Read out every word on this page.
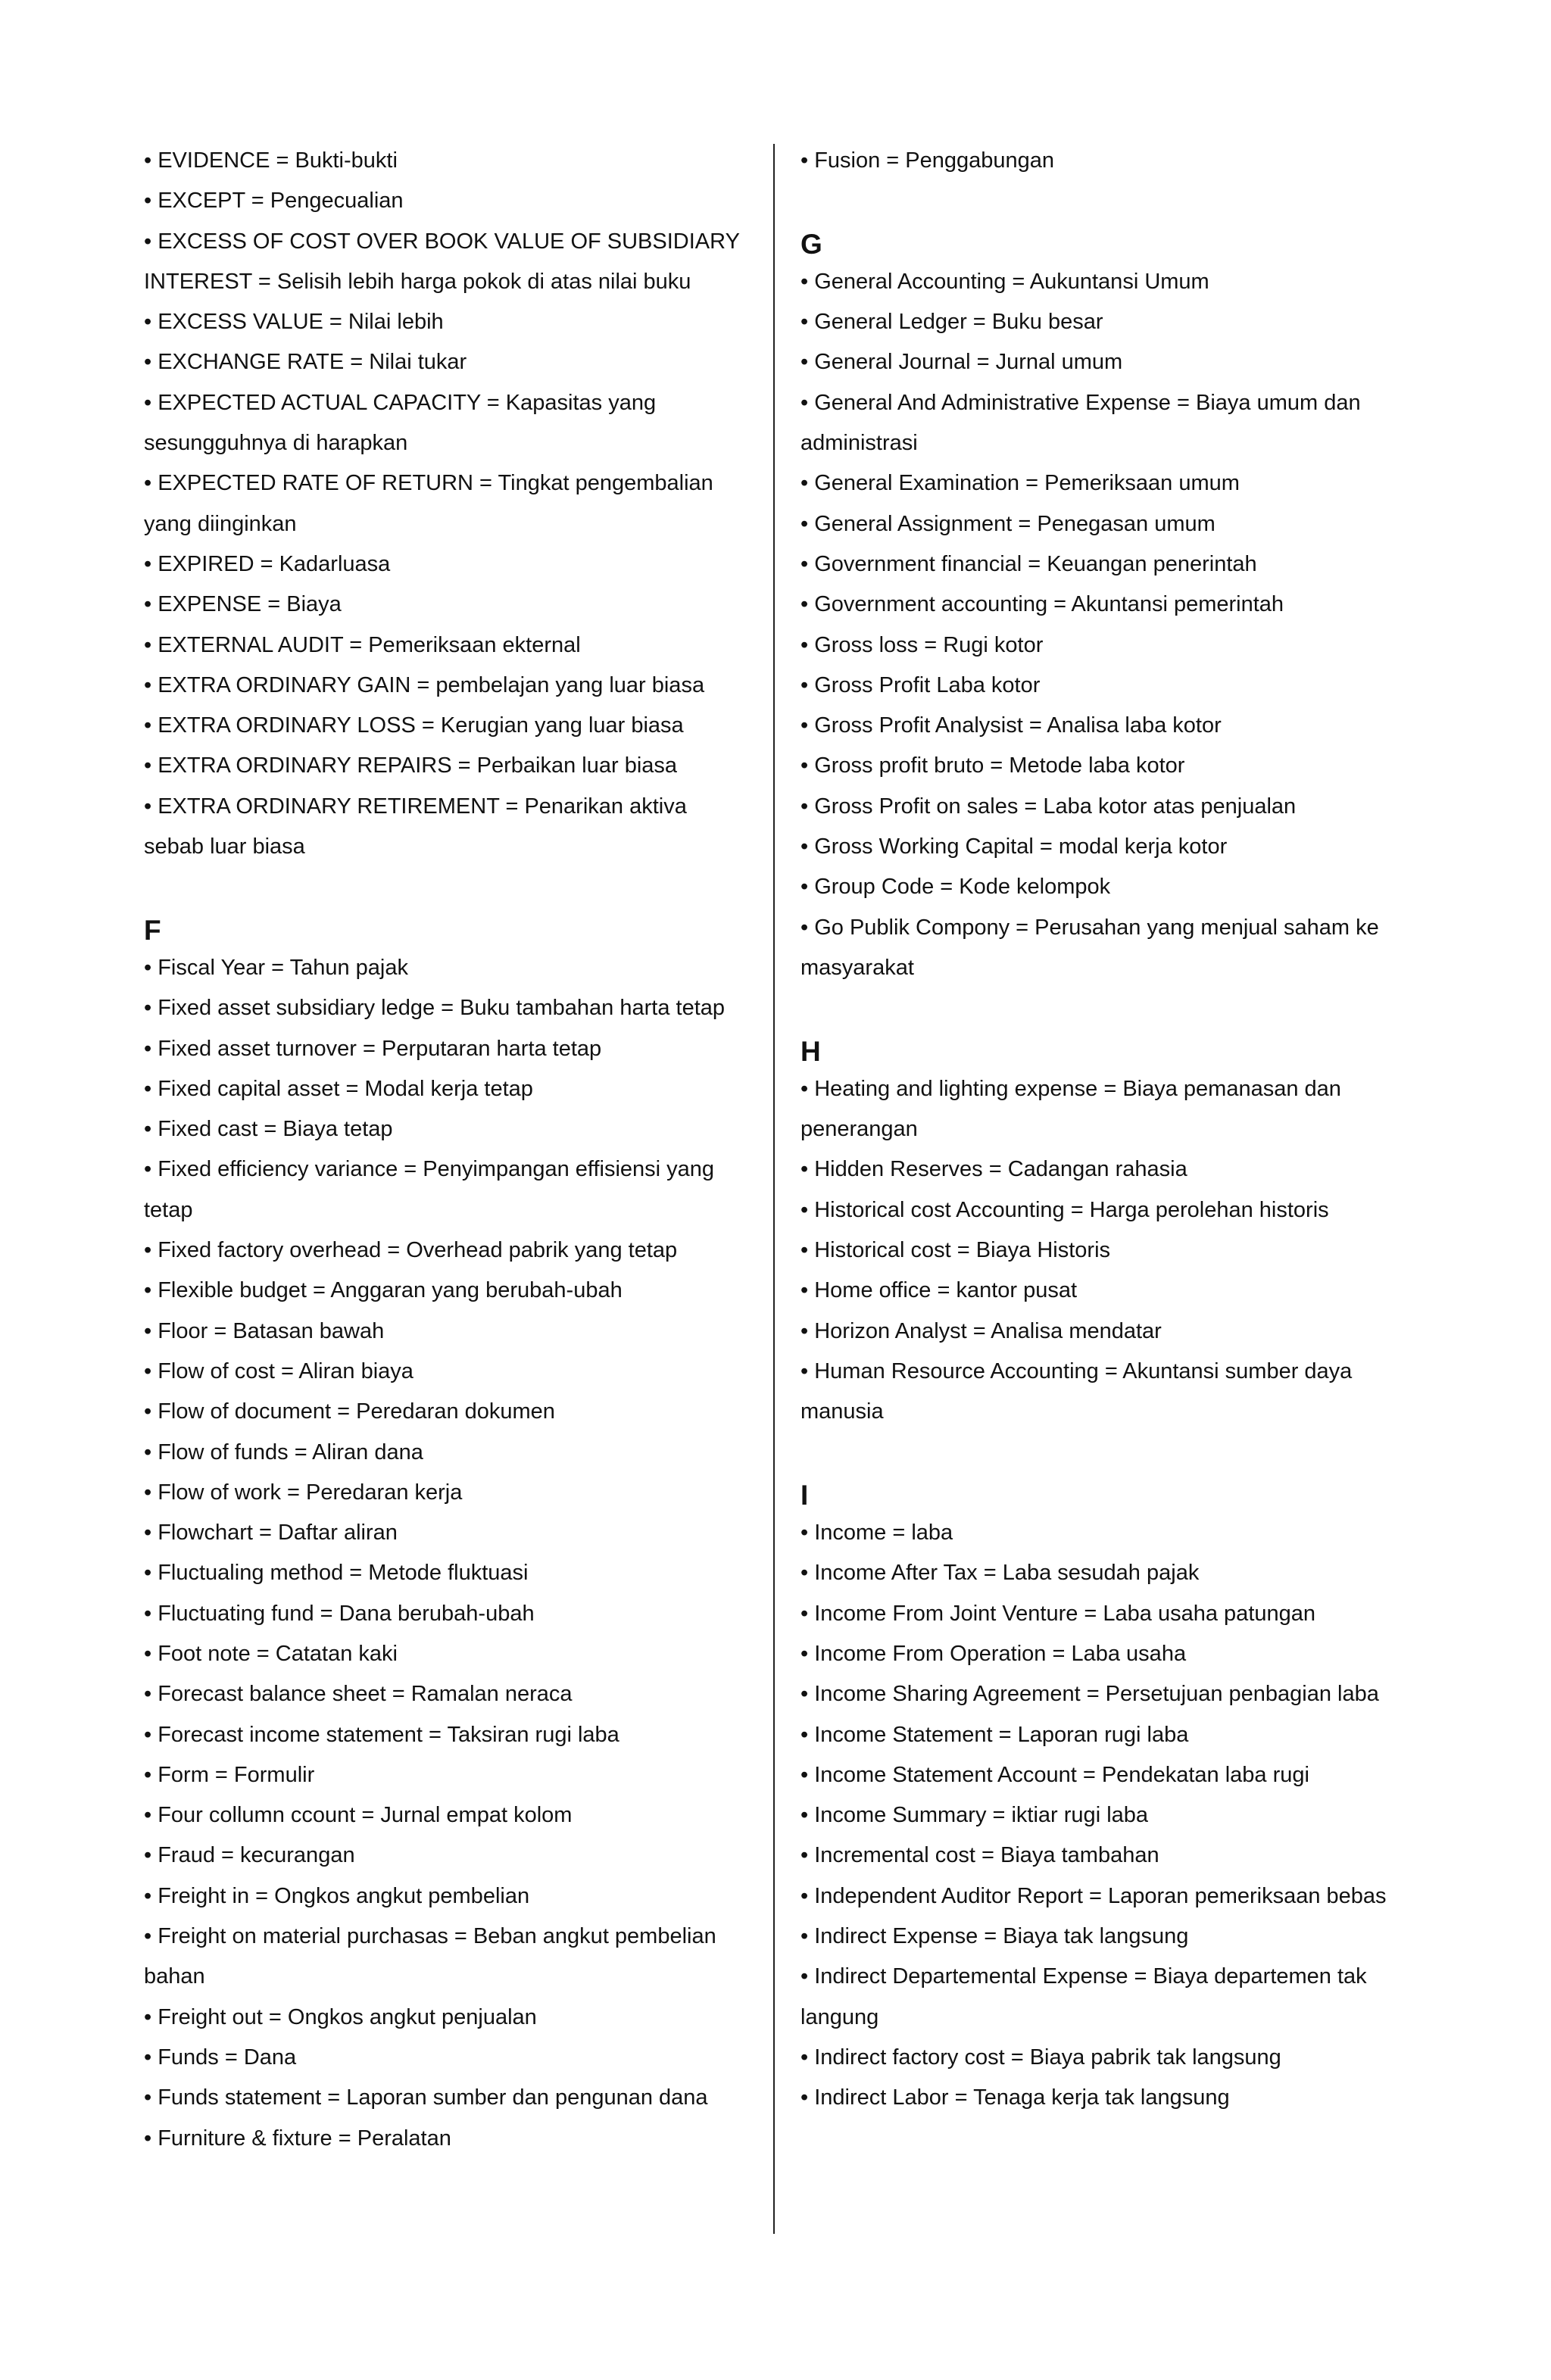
• EVIDENCE = Bukti-bukti

• EXCEPT = Pengecualian

• EXCESS OF COST OVER BOOK VALUE OF SUBSIDIARY INTEREST = Selisih lebih harga pokok di atas nilai buku

• EXCESS VALUE = Nilai lebih

• EXCHANGE RATE = Nilai tukar

• EXPECTED ACTUAL CAPACITY = Kapasitas yang sesungguhnya di harapkan

• EXPECTED RATE OF RETURN = Tingkat pengembalian yang diinginkan

• EXPIRED = Kadarluasa

• EXPENSE = Biaya

• EXTERNAL AUDIT = Pemeriksaan ekternal

• EXTRA ORDINARY GAIN = pembelajan yang luar biasa

• EXTRA ORDINARY LOSS = Kerugian yang luar biasa

• EXTRA ORDINARY REPAIRS = Perbaikan luar biasa

• EXTRA ORDINARY RETIREMENT = Penarikan aktiva sebab luar biasa

F

• Fiscal Year = Tahun pajak

• Fixed asset subsidiary ledge = Buku tambahan harta tetap

• Fixed asset turnover = Perputaran harta tetap

• Fixed capital asset = Modal kerja tetap

• Fixed cast = Biaya tetap

• Fixed efficiency variance = Penyimpangan effisiensi yang tetap

• Fixed factory overhead = Overhead pabrik yang tetap

• Flexible budget = Anggaran yang berubah-ubah

• Floor = Batasan bawah

• Flow of cost = Aliran biaya

• Flow of document = Peredaran dokumen

• Flow of funds = Aliran dana

• Flow of work = Peredaran kerja

• Flowchart = Daftar aliran

• Fluctualing method = Metode fluktuasi

• Fluctuating fund = Dana berubah-ubah

• Foot note = Catatan kaki

• Forecast balance sheet = Ramalan neraca

• Forecast income statement = Taksiran rugi laba

• Form = Formulir

• Four collumn ccount = Jurnal empat kolom

• Fraud = kecurangan

• Freight in = Ongkos angkut pembelian

• Freight on material purchasas = Beban angkut pembelian bahan

• Freight out = Ongkos angkut penjualan

• Funds = Dana

• Funds statement = Laporan sumber dan pengunan dana

• Furniture & fixture = Peralatan

• Fusion = Penggabungan

G

• General Accounting = Aukuntansi Umum

• General Ledger = Buku besar

• General Journal = Jurnal umum

• General And Administrative Expense = Biaya umum dan administrasi

• General Examination = Pemeriksaan umum

• General Assignment = Penegasan umum

• Government financial = Keuangan penerintah

• Government accounting = Akuntansi pemerintah

• Gross loss = Rugi kotor

• Gross Profit Laba kotor

• Gross Profit Analysist = Analisa laba kotor

• Gross profit bruto = Metode laba kotor

• Gross Profit on sales = Laba kotor atas penjualan

• Gross Working Capital = modal kerja kotor

• Group Code = Kode kelompok

• Go Publik Compony = Perusahan yang menjual saham ke masyarakat

H

• Heating and lighting expense = Biaya pemanasan dan penerangan

• Hidden Reserves = Cadangan rahasia

• Historical cost Accounting = Harga perolehan historis

• Historical cost = Biaya Historis

• Home office = kantor pusat

• Horizon Analyst = Analisa mendatar

• Human Resource Accounting = Akuntansi sumber daya manusia

I

• Income = laba

• Income After Tax = Laba sesudah pajak

• Income From Joint Venture = Laba usaha patungan

• Income From Operation = Laba usaha

• Income Sharing Agreement = Persetujuan penbagian laba

• Income Statement = Laporan rugi laba

• Income Statement Account = Pendekatan laba rugi

• Income Summary = iktiar rugi laba

• Incremental cost = Biaya tambahan

• Independent Auditor Report = Laporan pemeriksaan bebas

• Indirect Expense = Biaya tak langsung

• Indirect Departemental Expense = Biaya departemen tak langung

• Indirect factory cost = Biaya pabrik tak langsung

• Indirect Labor = Tenaga kerja tak langsung
